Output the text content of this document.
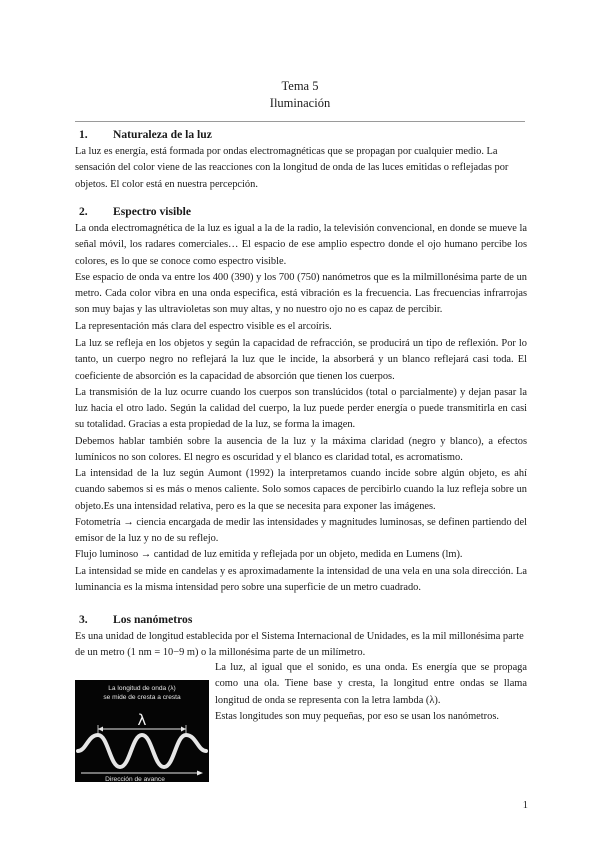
Tema 5
Iluminación
1. Naturaleza de la luz
La luz es energía, está formada por ondas electromagnéticas que se propagan por cualquier medio. La sensación del color viene de las reacciones con la longitud de onda de las luces emitidas o reflejadas por objetos. El color está en nuestra percepción.
2. Espectro visible
La onda electromagnética de la luz es igual a la de la radio, la televisión convencional, en donde se mueve la señal móvil, los radares comerciales… El espacio de ese amplio espectro donde el ojo humano percibe los colores, es lo que se conoce como espectro visible.
Ese espacio de onda va entre los 400 (390) y los 700 (750) nanómetros que es la milmillonésima parte de un metro. Cada color vibra en una onda especifica, está vibración es la frecuencia. Las frecuencias infrarrojas son muy bajas y las ultravioletas son muy altas, y no nuestro ojo no es capaz de percibir.
La representación más clara del espectro visible es el arcoíris.
La luz se refleja en los objetos y según la capacidad de refracción, se producirá un tipo de reflexión. Por lo tanto, un cuerpo negro no reflejará la luz que le incide, la absorberá y un blanco reflejará casi toda. El coeficiente de absorción es la capacidad de absorción que tienen los cuerpos.
La transmisión de la luz ocurre cuando los cuerpos son translúcidos (total o parcialmente) y dejan pasar la luz hacia el otro lado. Según la calidad del cuerpo, la luz puede perder energía o puede transmitirla en casi su totalidad. Gracias a esta propiedad de la luz, se forma la imagen.
Debemos hablar también sobre la ausencia de la luz y la máxima claridad (negro y blanco), a efectos lumínicos no son colores. El negro es oscuridad y el blanco es claridad total, es acromatismo.
La intensidad de la luz según Aumont (1992) la interpretamos cuando incide sobre algún objeto, es ahí cuando sabemos si es más o menos caliente. Solo somos capaces de percibirlo cuando la luz refleja sobre un objeto.Es una intensidad relativa, pero es la que se necesita para exponer las imágenes.
Fotometría → ciencia encargada de medir las intensidades y magnitudes luminosas, se definen partiendo del emisor de la luz y no de su reflejo.
Flujo luminoso → cantidad de luz emitida y reflejada por un objeto, medida en Lumens (lm).
La intensidad se mide en candelas y es aproximadamente la intensidad de una vela en una sola dirección. La luminancia es la misma intensidad pero sobre una superficie de un metro cuadrado.
3. Los nanómetros
Es una unidad de longitud establecida por el Sistema Internacional de Unidades, es la mil millonésima parte de un metro (1 nm = 10−9 m) o la millonésima parte de un milímetro.
La longitud de onda (λ)
se mide de cresta a cresta
λ
Dirección de avance
La luz, al igual que el sonido, es una onda. Es energía que se propaga como una ola. Tiene base y cresta, la longitud entre ondas se llama longitud de onda se representa con la letra lambda (λ).
Estas longitudes son muy pequeñas, por eso se usan los nanómetros.
1
